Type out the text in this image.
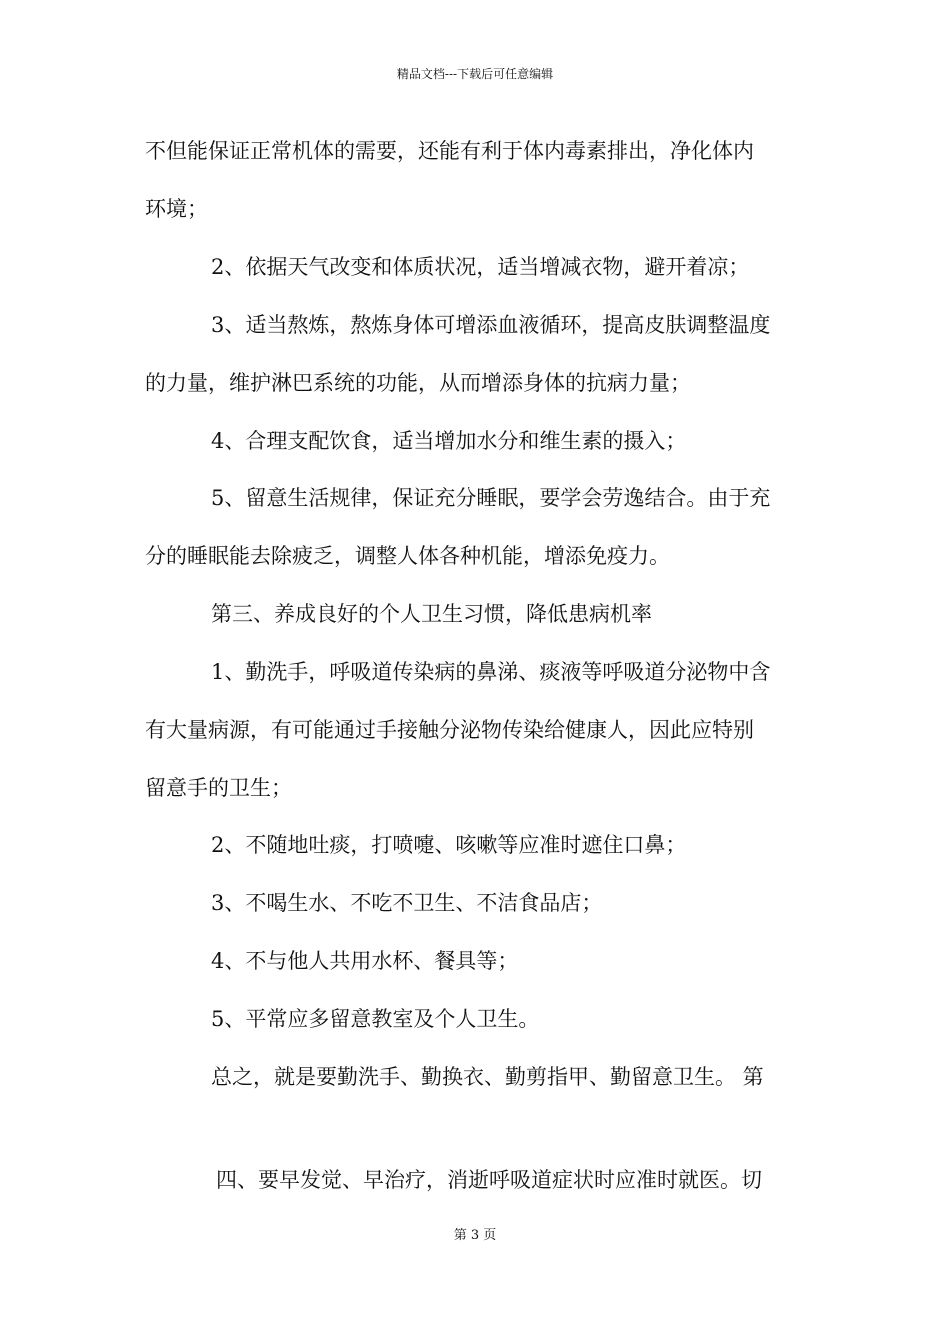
精品文档---下载后可任意编辑
不但能保证正常机体的需要，还能有利于体内毒素排出，净化体内
环境；
2、依据天气改变和体质状况，适当增减衣物，避开着凉；
3、适当熬炼，熬炼身体可增添血液循环，提高皮肤调整温度
的力量，维护淋巴系统的功能，从而增添身体的抗病力量；
4、合理支配饮食，适当增加水分和维生素的摄入；
5、留意生活规律，保证充分睡眠，要学会劳逸结合。由于充
分的睡眠能去除疲乏，调整人体各种机能，增添免疫力。
第三、养成良好的个人卫生习惯，降低患病机率
1、勤洗手，呼吸道传染病的鼻涕、痰液等呼吸道分泌物中含
有大量病源，有可能通过手接触分泌物传染给健康人，因此应特别
留意手的卫生；
2、不随地吐痰，打喷嚏、咳嗽等应准时遮住口鼻；
3、不喝生水、不吃不卫生、不洁食品店；
4、不与他人共用水杯、餐具等；
5、平常应多留意教室及个人卫生。
总之，就是要勤洗手、勤换衣、勤剪指甲、勤留意卫生。 第
四、要早发觉、早治疗，消逝呼吸道症状时应准时就医。切
第 3 页
